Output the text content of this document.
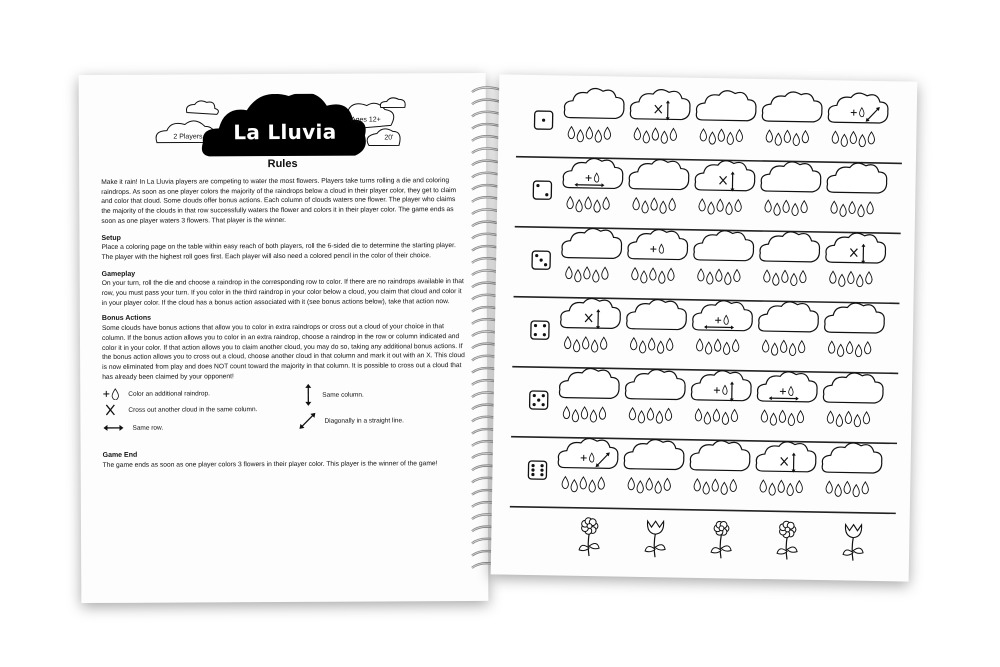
La Lluvia
2 Players
Ages 12+
20'
Rules

Make it rain! In La Lluvia players are competing to water the most flowers. Players take turns rolling a die and coloring raindrops. As soon as one player colors the majority of the raindrops below a cloud in their player color, they get to claim and color that cloud. Some clouds offer bonus actions. Each column of clouds waters one flower. The player who claims the majority of the clouds in that row successfully waters the flower and colors it in their player color. The game ends as soon as one player waters 3 flowers. That player is the winner.

Setup

Place a coloring page on the table within easy reach of both players, roll the 6-sided die to determine the starting player. The player with the highest roll goes first. Each player will also need a colored pencil in the color of their choice.

Gameplay

On your turn, roll the die and choose a raindrop in the corresponding row to color. If there are no raindrops available in that row, you must pass your turn. If you color in the third raindrop in your color below a cloud, you claim that cloud and color it in your player color. If the cloud has a bonus action associated with it (see bonus actions below), take that action now.

Bonus Actions

Some clouds have bonus actions that allow you to color in extra raindrops or cross out a cloud of your choice in that column. If the bonus action allows you to color in an extra raindrop, choose a raindrop in the row or column indicated and color it in your color. If that action allows you to claim another cloud, you may do so, taking any additional bonus actions. If the bonus action allows you to cross out a cloud, choose another cloud in that column and mark it out with an X. This cloud is now eliminated from play and does NOT count toward the majority in that column. It is possible to cross out a cloud that has already been claimed by your opponent!

Color an additional raindrop.
Cross out another cloud in the same column.
Same row.
Same column.
Diagonally in a straight line.
Game End

The game ends as soon as one player colors 3 flowers in their player color. This player is the winner of the game!
